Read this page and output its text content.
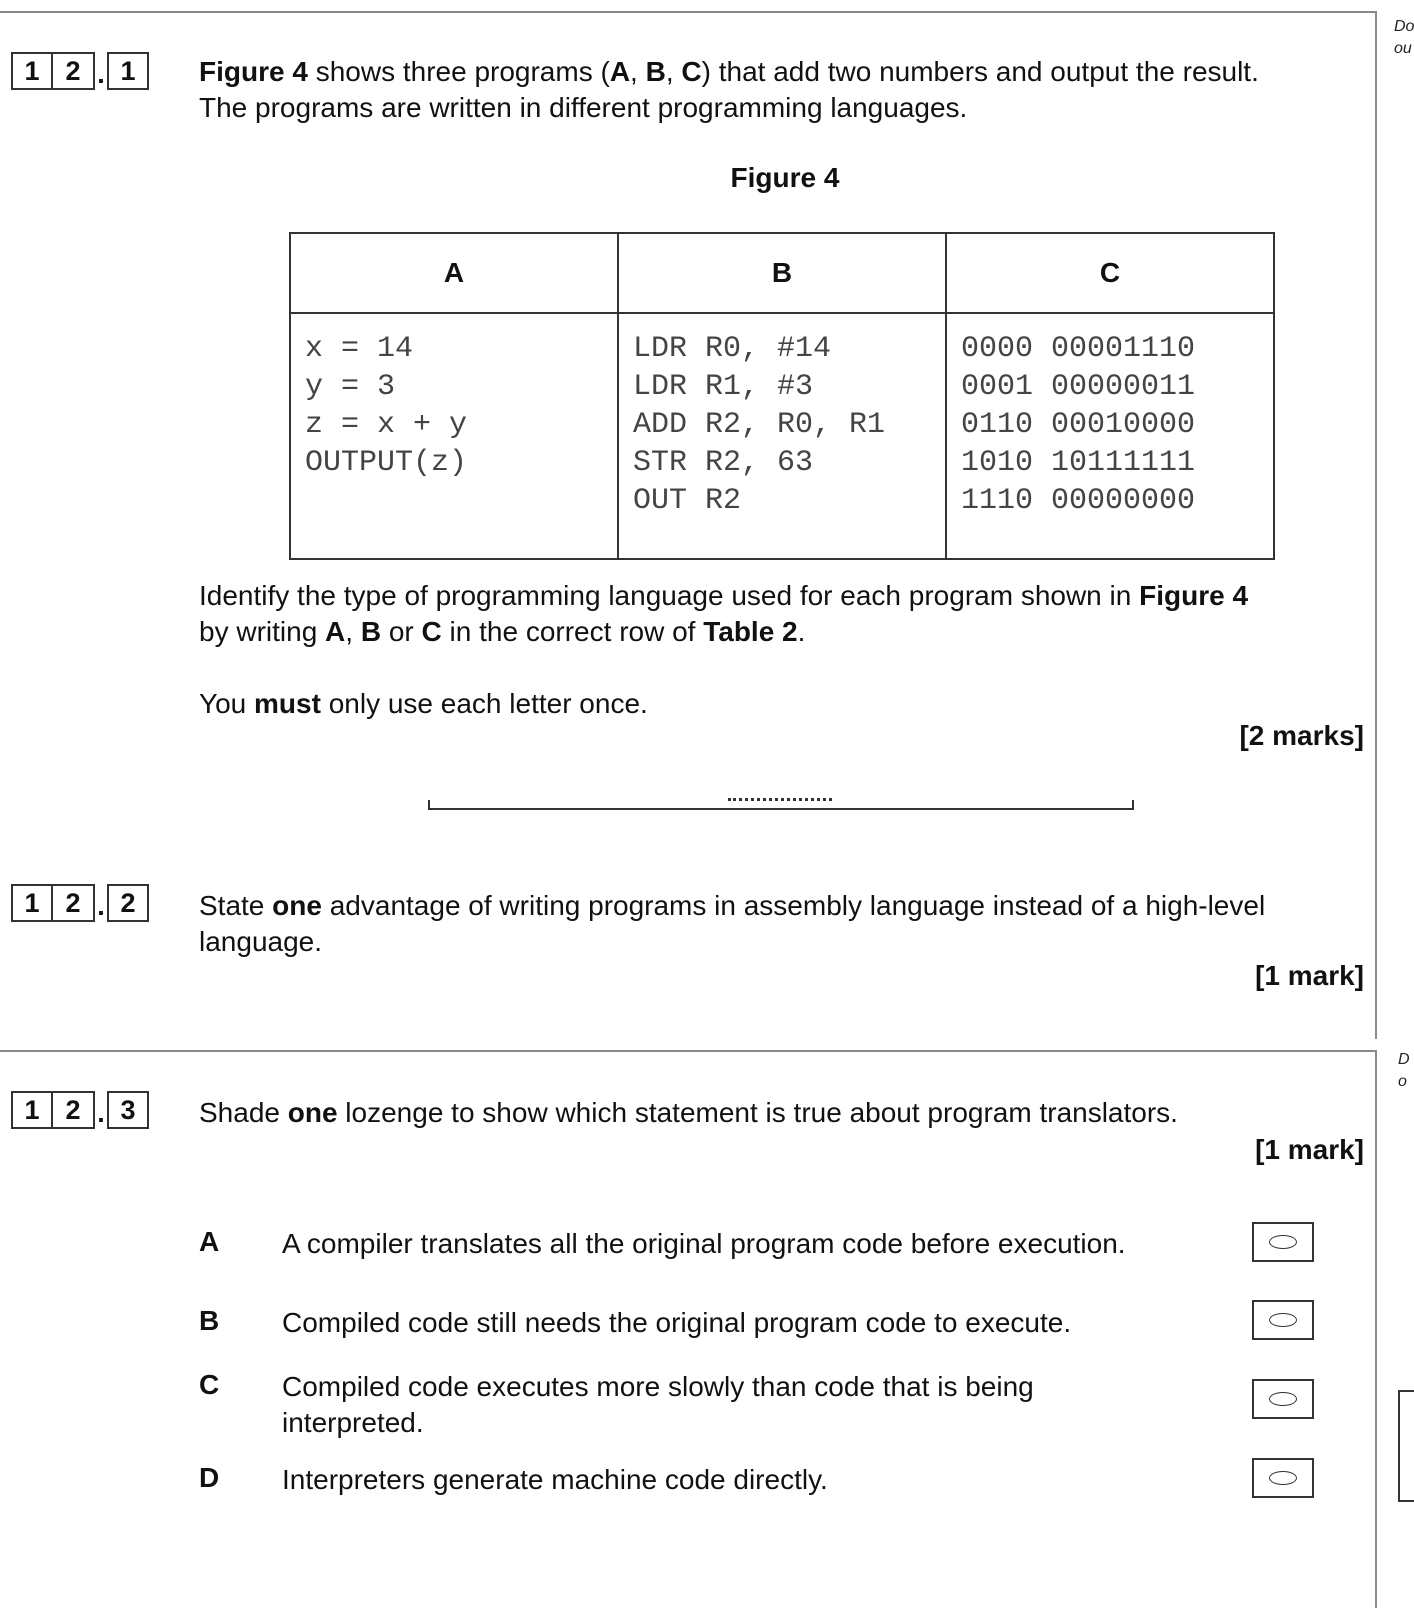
Do
ou
D
o
1 2 . 1	Figure 4 shows three programs (A, B, C) that add two numbers and output the result.
The programs are written in different programming languages.
Figure 4
A	B	C
x = 14
y = 3
z = x + y
OUTPUT(z)	LDR R0, #14
LDR R1, #3
ADD R2, R0, R1
STR R2, 63
OUT R2	0000 00001110
0001 00000011
0110 00010000
1010 10111111
1110 00000000
Identify the type of programming language used for each program shown in Figure 4
by writing A, B or C in the correct row of Table 2.
You must only use each letter once.
[2 marks]
1 2 . 2	State one advantage of writing programs in assembly language instead of a high-level
language.
[1 mark]
1 2 . 3	Shade one lozenge to show which statement is true about program translators.
[1 mark]
A A compiler translates all the original program code before execution.
B Compiled code still needs the original program code to execute.
C Compiled code executes more slowly than code that is being interpreted.
D Interpreters generate machine code directly.
